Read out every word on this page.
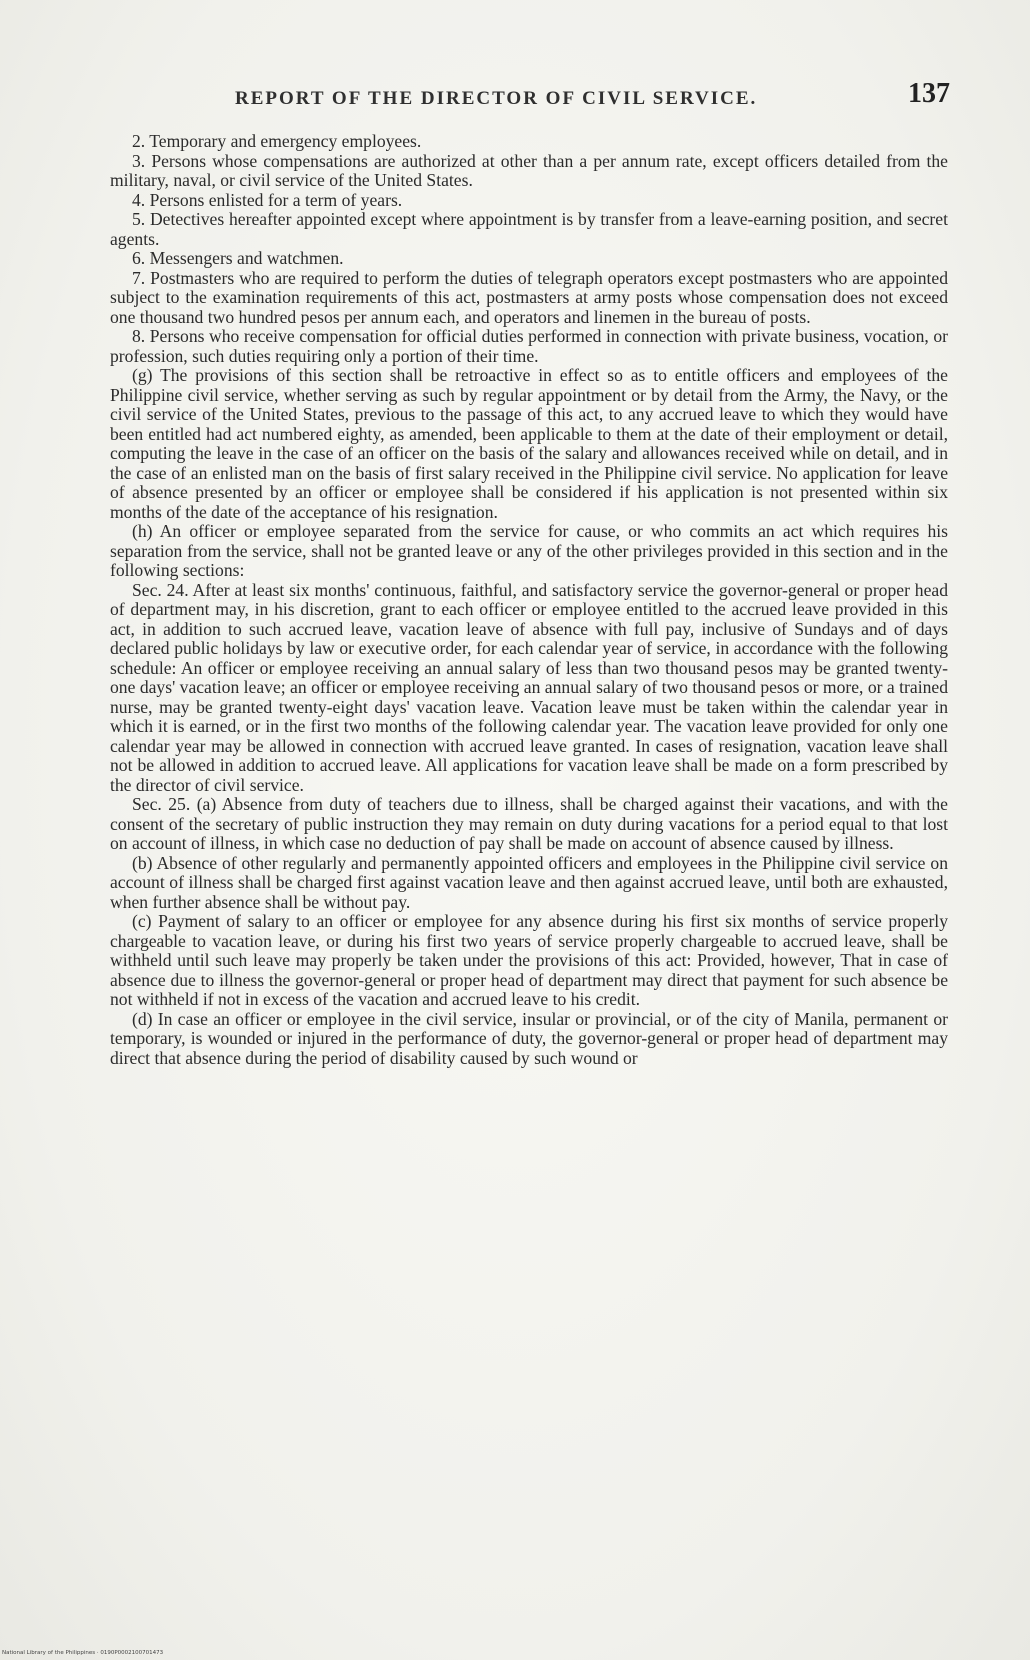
REPORT OF THE DIRECTOR OF CIVIL SERVICE.	137

2. Temporary and emergency employees.

3. Persons whose compensations are authorized at other than a per annum rate, except officers detailed from the military, naval, or civil service of the United States.

4. Persons enlisted for a term of years.

5. Detectives hereafter appointed except where appointment is by transfer from a leave-earning position, and secret agents.

6. Messengers and watchmen.

7. Postmasters who are required to perform the duties of telegraph operators except postmasters who are appointed subject to the examination requirements of this act, postmasters at army posts whose compensation does not exceed one thousand two hundred pesos per annum each, and operators and linemen in the bureau of posts.

8. Persons who receive compensation for official duties performed in connection with private business, vocation, or profession, such duties requiring only a portion of their time.

(g) The provisions of this section shall be retroactive in effect so as to entitle officers and employees of the Philippine civil service, whether serving as such by regular appointment or by detail from the Army, the Navy, or the civil service of the United States, previous to the passage of this act, to any accrued leave to which they would have been entitled had act numbered eighty, as amended, been applicable to them at the date of their employment or detail, computing the leave in the case of an officer on the basis of the salary and allowances received while on detail, and in the case of an enlisted man on the basis of first salary received in the Philippine civil service. No application for leave of absence presented by an officer or employee shall be considered if his application is not presented within six months of the date of the acceptance of his resignation.

(h) An officer or employee separated from the service for cause, or who commits an act which requires his separation from the service, shall not be granted leave or any of the other privileges provided in this section and in the following sections:

Sec. 24. After at least six months' continuous, faithful, and satisfactory service the governor-general or proper head of department may, in his discretion, grant to each officer or employee entitled to the accrued leave provided in this act, in addition to such accrued leave, vacation leave of absence with full pay, inclusive of Sundays and of days declared public holidays by law or executive order, for each calendar year of service, in accordance with the following schedule: An officer or employee receiving an annual salary of less than two thousand pesos may be granted twenty-one days' vacation leave; an officer or employee receiving an annual salary of two thousand pesos or more, or a trained nurse, may be granted twenty-eight days' vacation leave. Vacation leave must be taken within the calendar year in which it is earned, or in the first two months of the following calendar year. The vacation leave provided for only one calendar year may be allowed in connection with accrued leave granted. In cases of resignation, vacation leave shall not be allowed in addition to accrued leave. All applications for vacation leave shall be made on a form prescribed by the director of civil service.

Sec. 25. (a) Absence from duty of teachers due to illness, shall be charged against their vacations, and with the consent of the secretary of public instruction they may remain on duty during vacations for a period equal to that lost on account of illness, in which case no deduction of pay shall be made on account of absence caused by illness.

(b) Absence of other regularly and permanently appointed officers and employees in the Philippine civil service on account of illness shall be charged first against vacation leave and then against accrued leave, until both are exhausted, when further absence shall be without pay.

(c) Payment of salary to an officer or employee for any absence during his first six months of service properly chargeable to vacation leave, or during his first two years of service properly chargeable to accrued leave, shall be withheld until such leave may properly be taken under the provisions of this act: Provided, however, That in case of absence due to illness the governor-general or proper head of department may direct that payment for such absence be not withheld if not in excess of the vacation and accrued leave to his credit.

(d) In case an officer or employee in the civil service, insular or provincial, or of the city of Manila, permanent or temporary, is wounded or injured in the performance of duty, the governor-general or proper head of department may direct that absence during the period of disability caused by such wound or

National Library of the Philippines · 0190P0002100701473
